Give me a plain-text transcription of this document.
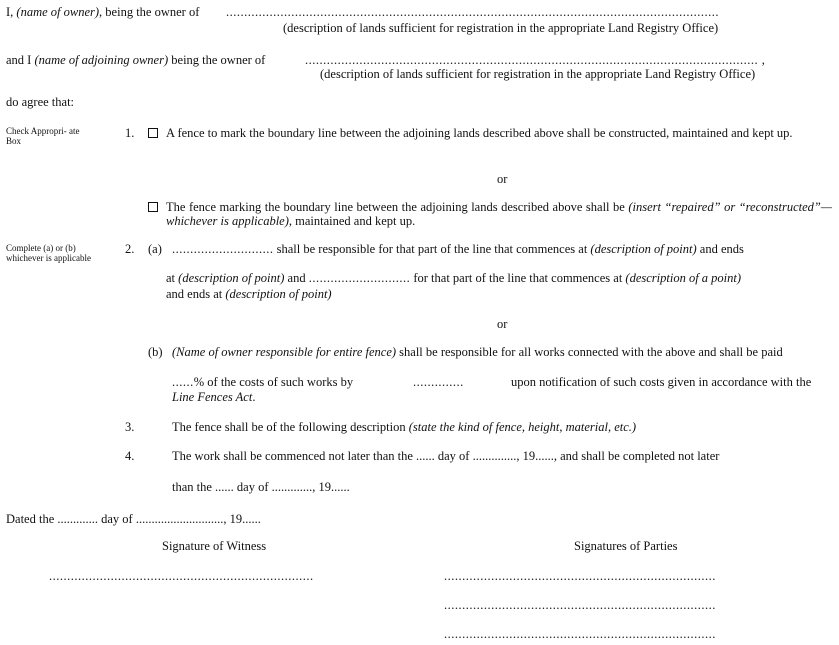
I, (name of owner), being the owner of ........................................................................................................................................
(description of lands sufficient for registration in the appropriate Land Registry Office)
and I (name of adjoining owner) being the owner of	............................................................................................................................. ,
(description of lands sufficient for registration in the appropriate Land Registry Office)
do agree that:
Check Appropri- ate Box
1.	A fence to mark the boundary line between the adjoining lands described above shall be constructed, maintained and kept up.
or
The fence marking the boundary line between the adjoining lands described above shall be (insert “repaired” or “reconstructed”—whichever is applicable), maintained and kept up.
Complete (a) or (b) whichever is applicable
2. (a) ............................ shall be responsible for that part of the line that commences at (description of point) and ends
at (description of point) and ............................ for that part of the line that commences at (description of a point)
and ends at (description of point)
or
(b) (Name of owner responsible for entire fence) shall be responsible for all works connected with the above and shall be paid
......% of the costs of such works by	..............	upon notification of such costs given in accordance with the
Line Fences Act.
3.	The fence shall be of the following description (state the kind of fence, height, material, etc.)
4.	The work shall be commenced not later than the ...... day of .............., 19......, and shall be completed not later
than the ...... day of ............., 19......
Dated the ............. day of ............................, 19......
Signature of Witness	Signatures of Parties
.........................................................................	...........................................................................
...........................................................................
...........................................................................
